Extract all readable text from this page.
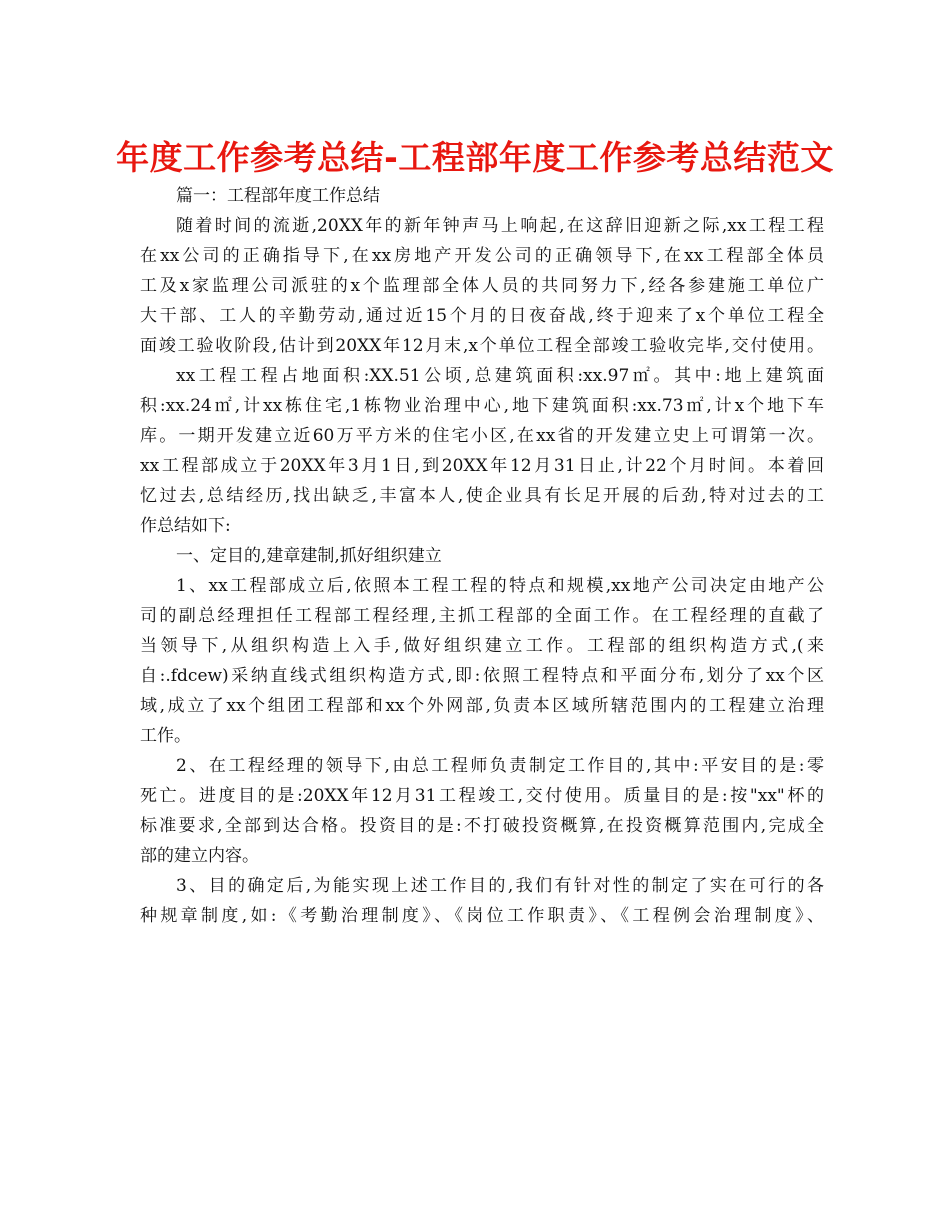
年度工作参考总结-工程部年度工作参考总结范文
篇一：工程部年度工作总结
随着时间的流逝,20XX年的新年钟声马上响起,在这辞旧迎新之际,xx工程工程
在xx公司的正确指导下,在xx房地产开发公司的正确领导下,在xx工程部全体员
工及x家监理公司派驻的x个监理部全体人员的共同努力下,经各参建施工单位广
大干部、工人的辛勤劳动,通过近15个月的日夜奋战,终于迎来了x个单位工程全
面竣工验收阶段,估计到20XX年12月末,x个单位工程全部竣工验收完毕,交付使用。
xx工程工程占地面积:XX.51公顷,总建筑面积:xx.97㎡。其中:地上建筑面
积:xx.24㎡,计xx栋住宅,1栋物业治理中心,地下建筑面积:xx.73㎡,计x个地下车
库。一期开发建立近60万平方米的住宅小区,在xx省的开发建立史上可谓第一次。
xx工程部成立于20XX年3月1日,到20XX年12月31日止,计22个月时间。本着回
忆过去,总结经历,找出缺乏,丰富本人,使企业具有长足开展的后劲,特对过去的工
作总结如下:
一、定目的,建章建制,抓好组织建立
1、xx工程部成立后,依照本工程工程的特点和规模,xx地产公司决定由地产公
司的副总经理担任工程部工程经理,主抓工程部的全面工作。在工程经理的直截了
当领导下,从组织构造上入手,做好组织建立工作。工程部的组织构造方式,(来
自:.fdcew)采纳直线式组织构造方式,即:依照工程特点和平面分布,划分了xx个区
域,成立了xx个组团工程部和xx个外网部,负责本区域所辖范围内的工程建立治理
工作。
2、在工程经理的领导下,由总工程师负责制定工作目的,其中:平安目的是:零
死亡。进度目的是:20XX年12月31工程竣工,交付使用。质量目的是:按"xx"杯的
标准要求,全部到达合格。投资目的是:不打破投资概算,在投资概算范围内,完成全
部的建立内容。
3、目的确定后,为能实现上述工作目的,我们有针对性的制定了实在可行的各
种规章制度,如:《考勤治理制度》、《岗位工作职责》、《工程例会治理制度》、
